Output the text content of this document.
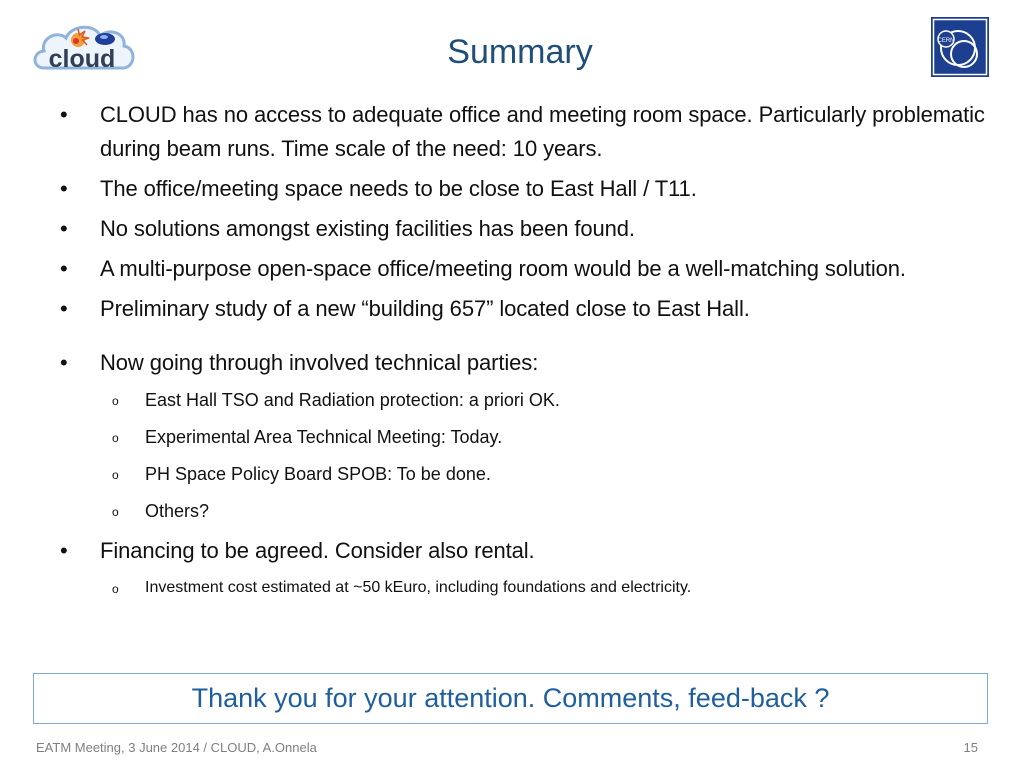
cloud	Summary	CERN
•	CLOUD has no access to adequate office and meeting room space. Particularly problematic during beam runs. Time scale of the need: 10 years.
•	The office/meeting space needs to be close to East Hall / T11.
•	No solutions amongst existing facilities has been found.
•	A multi-purpose open-space office/meeting room would be a well-matching solution.
•	Preliminary study of a new “building 657” located close to East Hall.
•	Now going through involved technical parties:
o East Hall TSO and Radiation protection: a priori OK.
o Experimental Area Technical Meeting: Today.
o PH Space Policy Board SPOB: To be done.
o Others?
•	Financing to be agreed. Consider also rental.
o Investment cost estimated at ~50 kEuro, including foundations and electricity.
Thank you for your attention. Comments, feed-back ?
EATM Meeting, 3 June 2014 / CLOUD, A.Onnela	15
